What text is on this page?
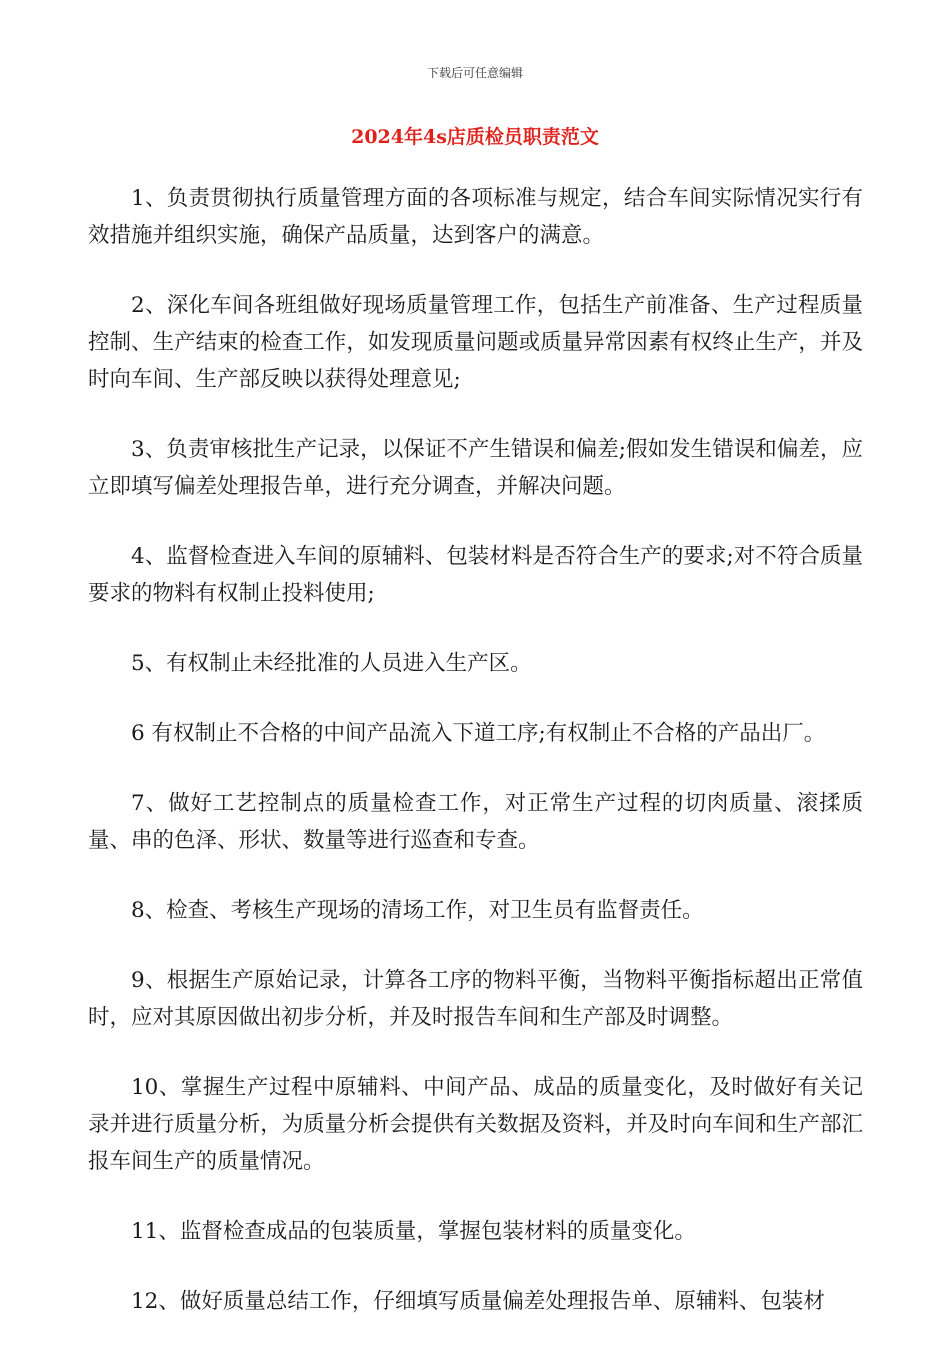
下载后可任意编辑
2024年4s店质检员职责范文

1、负责贯彻执行质量管理方面的各项标准与规定，结合车间实际情况实行有效措施并组织实施，确保产品质量，达到客户的满意。

2、深化车间各班组做好现场质量管理工作，包括生产前准备、生产过程质量控制、生产结束的检查工作，如发现质量问题或质量异常因素有权终止生产，并及时向车间、生产部反映以获得处理意见;

3、负责审核批生产记录，以保证不产生错误和偏差;假如发生错误和偏差，应立即填写偏差处理报告单，进行充分调查，并解决问题。

4、监督检查进入车间的原辅料、包装材料是否符合生产的要求;对不符合质量要求的物料有权制止投料使用;

5、有权制止未经批准的人员进入生产区。

6 有权制止不合格的中间产品流入下道工序;有权制止不合格的产品出厂。

7、做好工艺控制点的质量检查工作，对正常生产过程的切肉质量、滚揉质量、串的色泽、形状、数量等进行巡查和专查。

8、检查、考核生产现场的清场工作，对卫生员有监督责任。

9、根据生产原始记录，计算各工序的物料平衡，当物料平衡指标超出正常值时，应对其原因做出初步分析，并及时报告车间和生产部及时调整。

10、掌握生产过程中原辅料、中间产品、成品的质量变化，及时做好有关记录并进行质量分析，为质量分析会提供有关数据及资料，并及时向车间和生产部汇报车间生产的质量情况。

11、监督检查成品的包装质量，掌握包装材料的质量变化。

12、做好质量总结工作，仔细填写质量偏差处理报告单、原辅料、包装材
